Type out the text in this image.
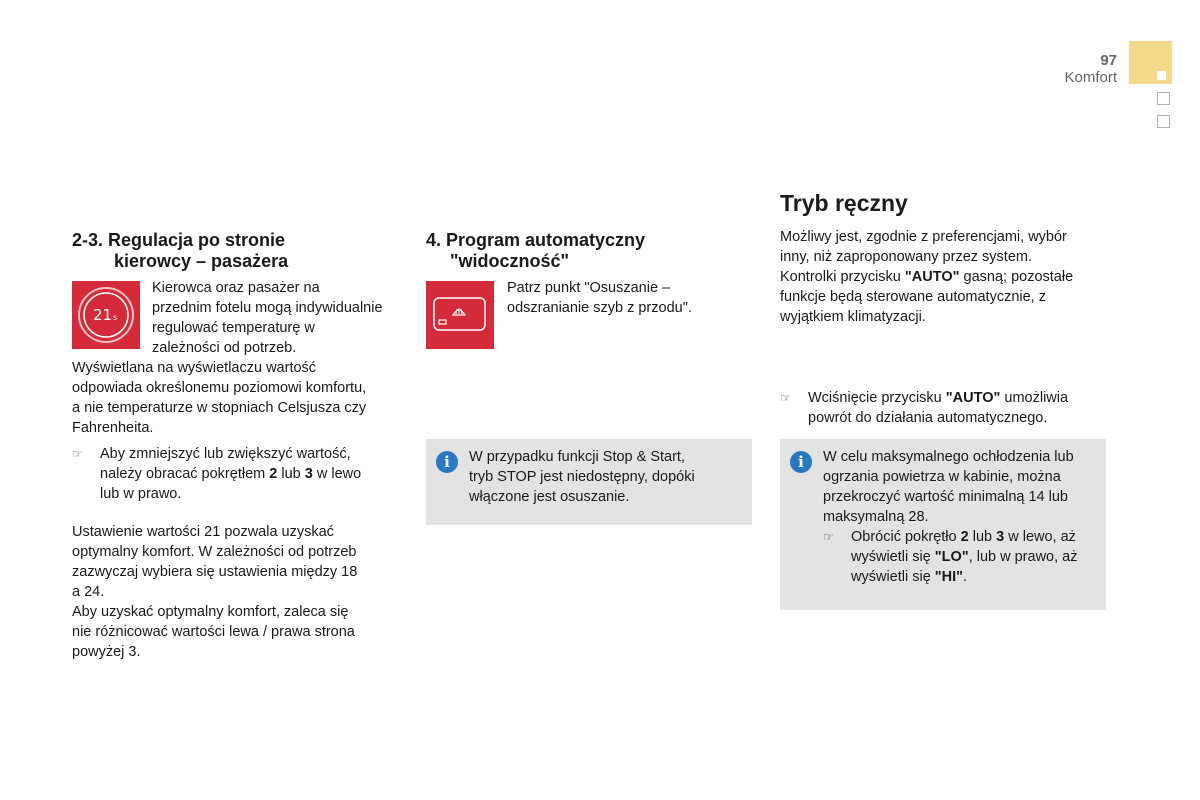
97
Komfort
2-3. Regulacja po stronie
kierowcy – pasażera
21 s

Kierowca oraz pasażer na

przednim fotelu mogą indywidualnie

regulować temperaturę w

zależności od potrzeb.

Wyświetlana na wyświetlaczu wartość

odpowiada określonemu poziomowi komfortu,

a nie temperaturze w stopniach Celsjusza czy

Fahrenheita.

☞ Aby zmniejszyć lub zwiększyć wartość,

należy obracać pokrętłem 2 lub 3 w lewo

lub w prawo.

Ustawienie wartości 21 pozwala uzyskać

optymalny komfort. W zależności od potrzeb

zazwyczaj wybiera się ustawienia między 18

a 24.

Aby uzyskać optymalny komfort, zaleca się

nie różnicować wartości lewa / prawa strona

powyżej 3.

4. Program automatyczny
"widoczność"

Patrz punkt "Osuszanie –

odszranianie szyb z przodu".

i	W przypadku funkcji Stop & Start,

tryb STOP jest niedostępny, dopóki

włączone jest osuszanie.

Tryb ręczny

Możliwy jest, zgodnie z preferencjami, wybór

inny, niż zaproponowany przez system.

Kontrolki przycisku "AUTO" gasną; pozostałe

funkcje będą sterowane automatycznie, z

wyjątkiem klimatyzacji.

☞ Wciśnięcie przycisku "AUTO" umożliwia

powrót do działania automatycznego.

i	W celu maksymalnego ochłodzenia lub

ogrzania powietrza w kabinie, można

przekroczyć wartość minimalną 14 lub

maksymalną 28.

☞ Obrócić pokrętło 2 lub 3 w lewo, aż

wyświetli się "LO", lub w prawo, aż

wyświetli się "HI".
